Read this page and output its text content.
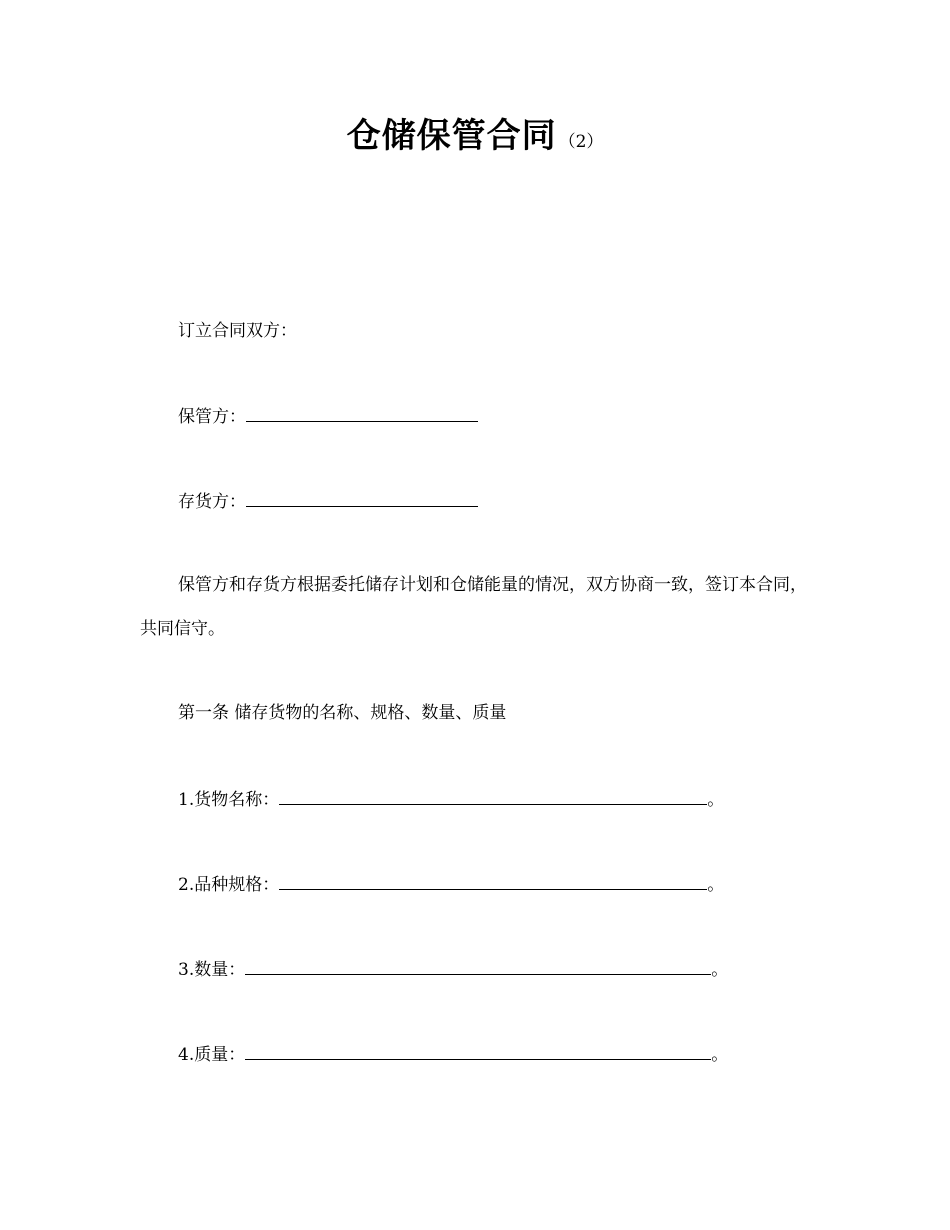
仓储保管合同 （2）
订立合同双方：
保管方：
存货方：
保管方和存货方根据委托储存计划和仓储能量的情况，双方协商一致，签订本合同，共同信守。
第一条 储存货物的名称、规格、数量、质量
1.货物名称：	。
2.品种规格：	。
3.数量：	。
4.质量：	。
